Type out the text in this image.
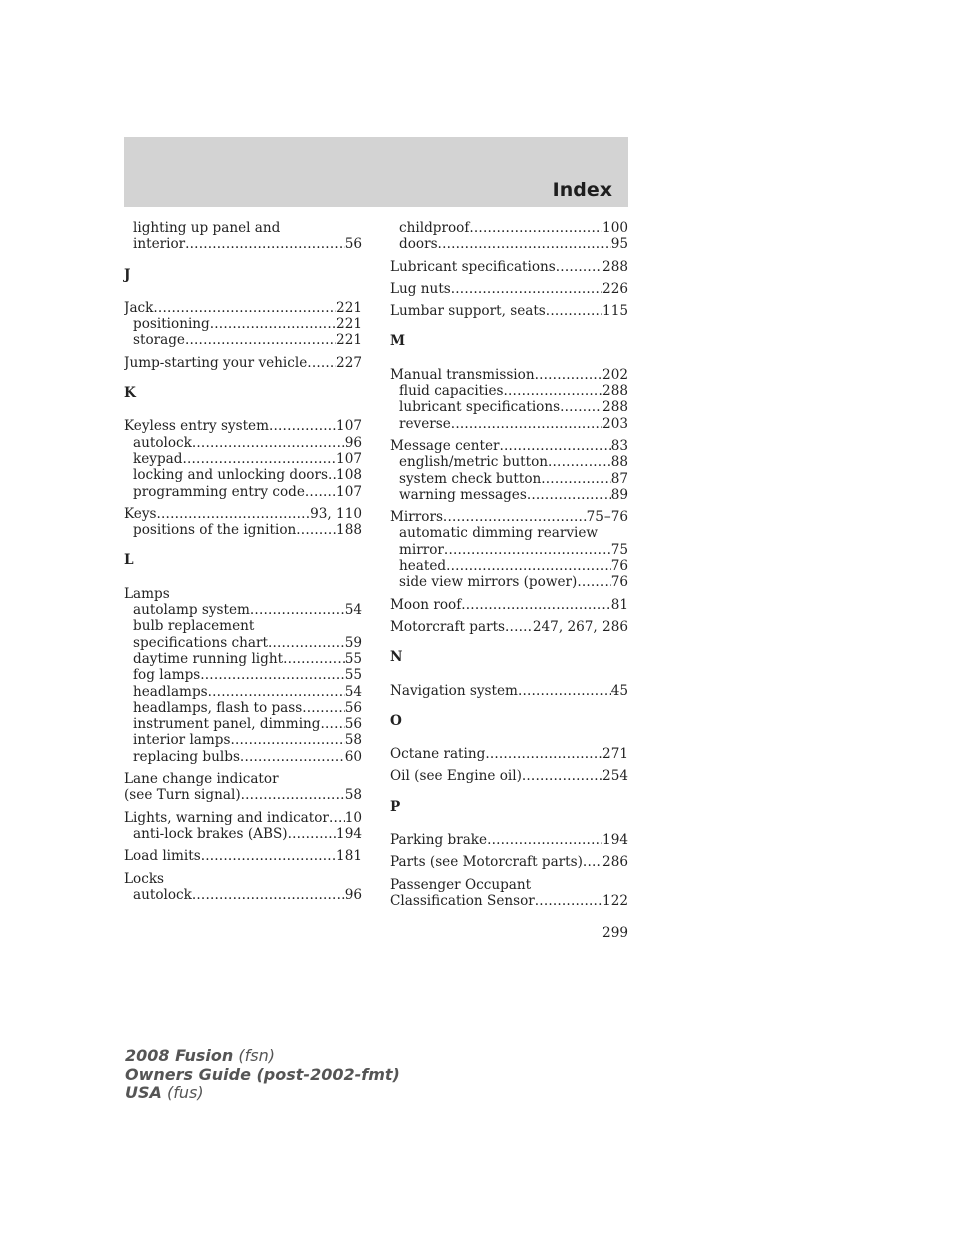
Index
lighting up panel and
interior .....	56
J
Jack .....	221
positioning .....	221
storage .....	221
Jump-starting your vehicle ..... 227
K
Keyless entry system .....	107
autolock .....	96
keypad .....	107
locking and unlocking doors ..... 108
programming entry code ..... 107
Keys .....	93, 110
positions of the ignition .....	188
L
Lamps
autolamp system .....	54
bulb replacement
specifications chart .....	59
daytime running light .....	55
fog lamps .....	55
headlamps .....	54
headlamps, flash to pass .....	56
instrument panel, dimming ..... 56
interior lamps .....	58
replacing bulbs .....	60
Lane change indicator
(see Turn signal) .....	58
Lights, warning and indicator ..... 10
anti-lock brakes (ABS) .....	194
Load limits .....	181
Locks
autolock .....	96
childproof .....	100
doors .....	95
Lubricant specifications .....	288
Lug nuts .....	226
Lumbar support, seats .....	115
M
Manual transmission .....	202
fluid capacities .....	288
lubricant specifications .....	288
reverse .....	203
Message center .....	83
english/metric button .....	88
system check button .....	87
warning messages .....	89
Mirrors .....	75–76
automatic dimming rearview
mirror .....	75
heated .....	76
side view mirrors (power) ..... 76
Moon roof .....	81
Motorcraft parts ..... 247, 267, 286
N
Navigation system .....	45
O
Octane rating .....	271
Oil (see Engine oil) .....	254
P
Parking brake .....	194
Parts (see Motorcraft parts) ..... 286
Passenger Occupant
Classification Sensor .....	122
299
2008 Fusion (fsn)
Owners Guide (post-2002-fmt)
USA (fus)
